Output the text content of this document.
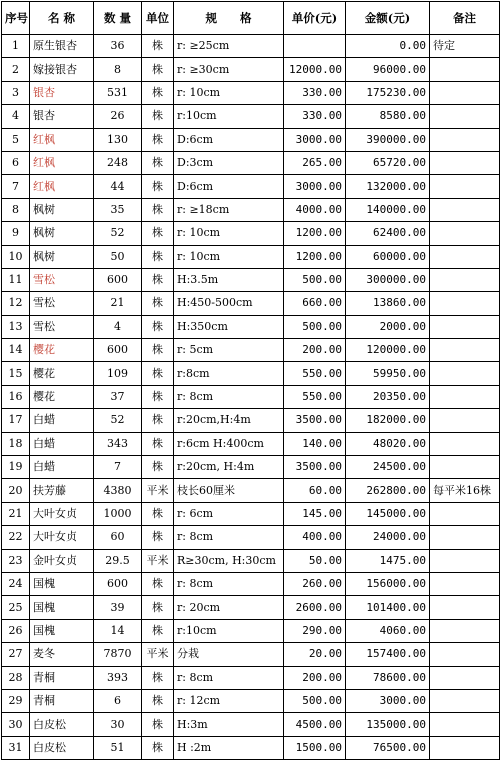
序号	名 称	数 量	单位	规　　格	单价(元)	金额(元)	备注
1	原生银杏	36	株	r: ≥25cm		0.00	待定
2	嫁接银杏	8	株	r: ≥30cm	12000.00	96000.00	
3	银杏	531	株	r: 10cm	330.00	175230.00	
4	银杏	26	株	r:10cm	330.00	8580.00	
5	红枫	130	株	D:6cm	3000.00	390000.00	
6	红枫	248	株	D:3cm	265.00	65720.00	
7	红枫	44	株	D:6cm	3000.00	132000.00	
8	枫树	35	株	r: ≥18cm	4000.00	140000.00	
9	枫树	52	株	r: 10cm	1200.00	62400.00	
10	枫树	50	株	r: 10cm	1200.00	60000.00	
11	雪松	600	株	H:3.5m	500.00	300000.00	
12	雪松	21	株	H:450-500cm	660.00	13860.00	
13	雪松	4	株	H:350cm	500.00	2000.00	
14	樱花	600	株	r: 5cm	200.00	120000.00	
15	樱花	109	株	r:8cm	550.00	59950.00	
16	樱花	37	株	r: 8cm	550.00	20350.00	
17	白蜡	52	株	r:20cm,H:4m	3500.00	182000.00	
18	白蜡	343	株	r:6cm H:400cm	140.00	48020.00	
19	白蜡	7	株	r:20cm, H:4m	3500.00	24500.00	
20	扶芳藤	4380	平米	枝长60厘米	60.00	262800.00	每平米16株
21	大叶女贞	1000	株	r: 6cm	145.00	145000.00	
22	大叶女贞	60	株	r: 8cm	400.00	24000.00	
23	金叶女贞	29.5	平米	R≥30cm, H:30cm	50.00	1475.00	
24	国槐	600	株	r: 8cm	260.00	156000.00	
25	国槐	39	株	r: 20cm	2600.00	101400.00	
26	国槐	14	株	r:10cm	290.00	4060.00	
27	麦冬	7870	平米	分栽	20.00	157400.00	
28	青桐	393	株	r: 8cm	200.00	78600.00	
29	青桐	6	株	r: 12cm	500.00	3000.00	
30	白皮松	30	株	H:3m	4500.00	135000.00	
31	白皮松	51	株	H :2m	1500.00	76500.00	
